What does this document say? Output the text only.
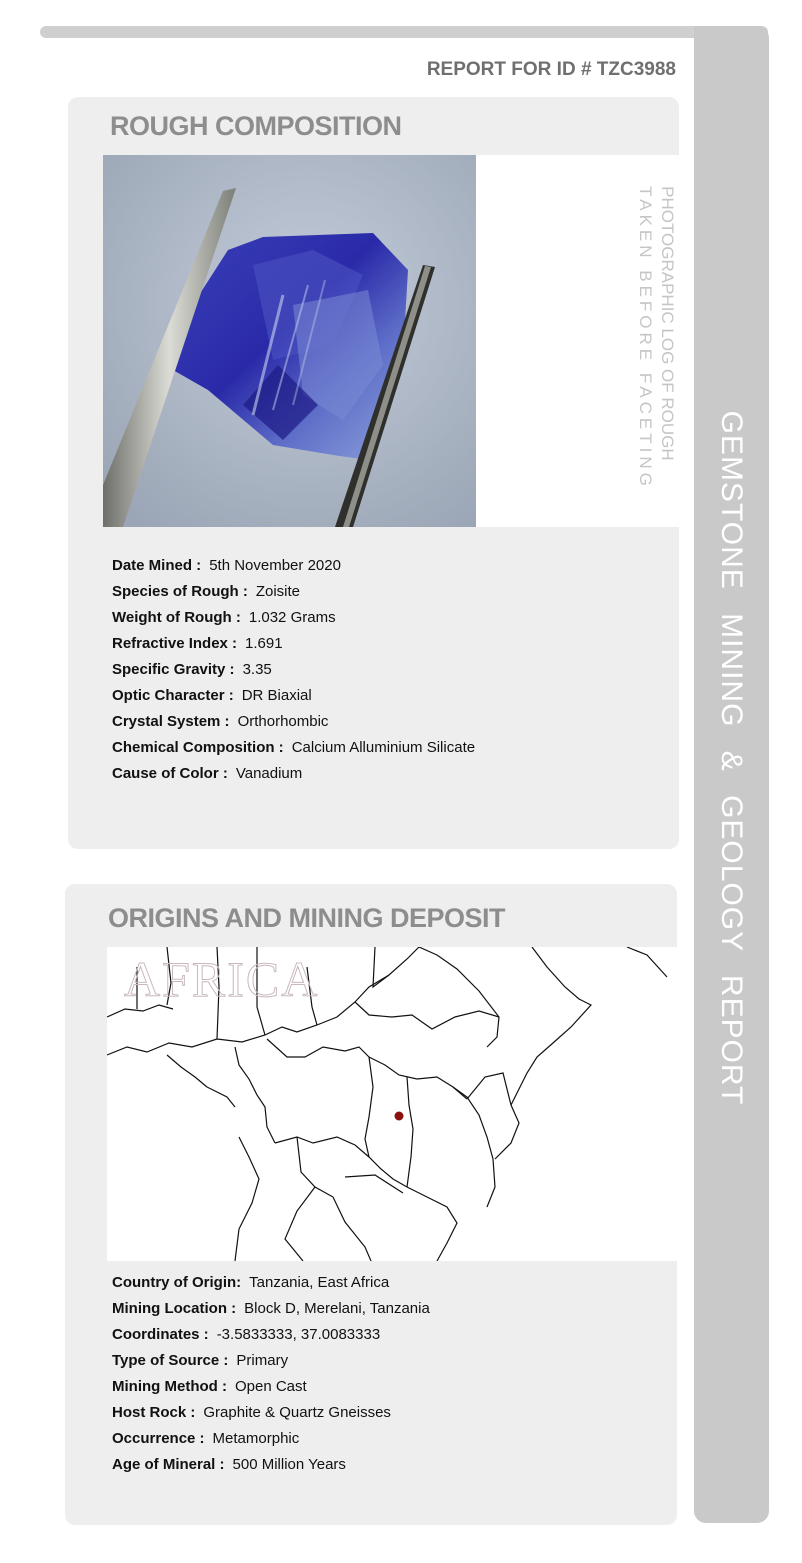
GEMSTONE MINING & GEOLOGY REPORT
REPORT FOR ID # TZC3988
ROUGH COMPOSITION
PHOTOGRAPHIC LOG OF ROUGH
TAKEN BEFORE FACETING
Date Mined : 5th November 2020
Species of Rough : Zoisite
Weight of Rough : 1.032 Grams
Refractive Index : 1.691
Specific Gravity : 3.35
Optic Character : DR Biaxial
Crystal System : Orthorhombic
Chemical Composition : Calcium Alluminium Silicate
Cause of Color : Vanadium
ORIGINS AND MINING DEPOSIT
AFRICA
Country of Origin: Tanzania, East Africa
Mining Location : Block D, Merelani, Tanzania
Coordinates : -3.5833333, 37.0083333
Type of Source : Primary
Mining Method : Open Cast
Host Rock : Graphite & Quartz Gneisses
Occurrence : Metamorphic
Age of Mineral : 500 Million Years
